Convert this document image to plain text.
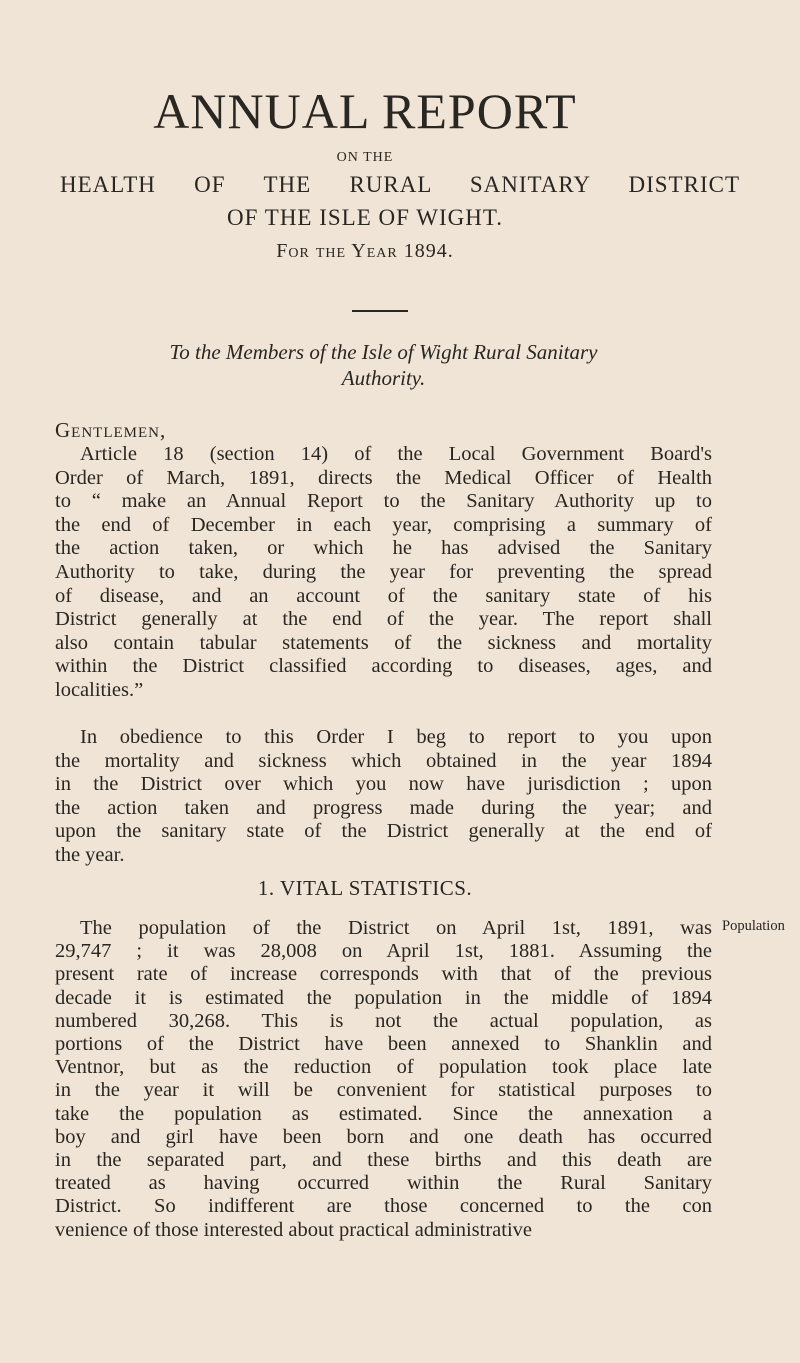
ANNUAL REPORT
ON THE
HEALTH OF THE RURAL SANITARY DISTRICT
OF THE ISLE OF WIGHT.
For the Year 1894.
To the Members of the Isle of Wight Rural Sanitary
Authority.
Gentlemen,
Article 18 (section 14) of the Local Government Board's
Order of March, 1891, directs the Medical Officer of Health
to “ make an Annual Report to the Sanitary Authority up to
the end of December in each year, comprising a summary of
the action taken, or which he has advised the Sanitary
Authority to take, during the year for preventing the spread
of disease, and an account of the sanitary state of his
District generally at the end of the year. The report shall
also contain tabular statements of the sickness and mortality
within the District classified according to diseases, ages, and
localities.”
In obedience to this Order I beg to report to you upon
the mortality and sickness which obtained in the year 1894
in the District over which you now have jurisdiction ; upon
the action taken and progress made during the year; and
upon the sanitary state of the District generally at the end of
the year.
1. VITAL STATISTICS.
Population
The population of the District on April 1st, 1891, was
29,747 ; it was 28,008 on April 1st, 1881. Assuming the
present rate of increase corresponds with that of the previous
decade it is estimated the population in the middle of 1894
numbered 30,268. This is not the actual population, as
portions of the District have been annexed to Shanklin and
Ventnor, but as the reduction of population took place late
in the year it will be convenient for statistical purposes to
take the population as estimated. Since the annexation a
boy and girl have been born and one death has occurred
in the separated part, and these births and this death are
treated as having occurred within the Rural Sanitary
District. So indifferent are those concerned to the con
venience of those interested about practical administrative
